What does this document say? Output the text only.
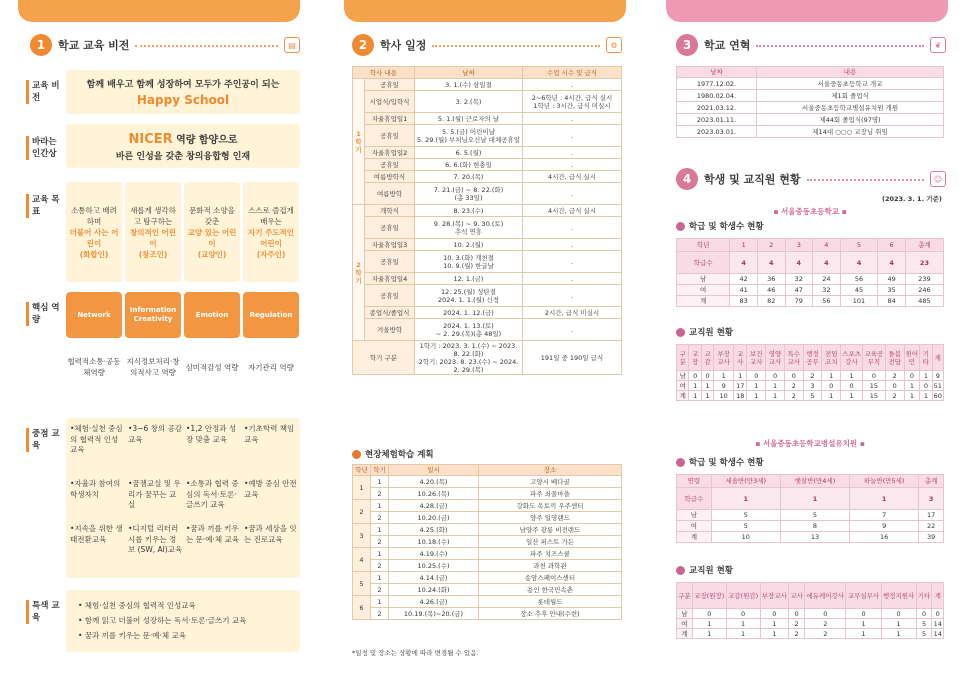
1	학교 교육 비전	▤
교육 비전
함께 배우고 함께 성장하여 모두가 주인공이 되는
Happy School
바라는 인간상
NICER 역량 함양으로
바른 인성을 갖춘 창의융합형 인재
교육 목표
핵심 역량
중점 교육
특색 교육
• 체험·실천 중심의 협력적 인성교육
• 함께 읽고 더불어 성장하는 독서·토론·글쓰기 교육
• 꿈과 끼를 키우는 문·예·체 교육
소통하고 배려하며
더불어 사는 어린이
(화합인)
새롭게 생각하고 탐구하는
창의적인 어린이
(창조인)
문화적 소양을 갖춘
교양 있는 어린이
(교양인)
스스로 즐겁게 배우는
자기 주도적인 어린이
(자주인)
Network
협력적소통·공동체역량
Information Creativity
지식정보처리·창의적사고 역량
Emotion
심미적감성 역량
Regulation
자기관리 역량
•체험·실천 중심의 협력적 인성교육
•자율과 참여의 학생자치
•지속을 위한 생태전환교육
•3~6 창의 공감 교육
•꿈젬교실 및 우리가 꿈꾸는 교실
•디지털 리터러시를 키우는 정보 (SW, AI)교육
•1,2 안정과 성장 맞춤 교육
•소통과 협력 중심의 독서·토론·글쓰기 교육
•꿈과 끼를 키우는 문·예·체 교육
•기초학력 책임교육
•예방 중심 안전교육
•꿈과 세상을 잇는 진로교육
2	학사 일정	⚙
학사 내용		날짜	수업 시수 및 급식
1 학 기	공휴일	3. 1.(수) 삼일절	.
	시업식/입학식	3. 2.(목)	2~6학년 : 4시간, 급식 실시
1학년 : 3시간, 급식 미실시
	자율휴업일1	5. 1.(월) 근로자의 날	.
	공휴일	5. 5.(금) 어린이날
5. 29.(월) 부처님오신날 대체공휴일	.
	자율휴업일2	6. 5.(월)	.
	공휴일	6. 6.(화) 현충일	.
	여름방학식	7. 20.(목)	4시간, 급식 실시
	여름방학	7. 21.(금) ~ 8. 22.(화)
(총 33일)	.
2 학 기	개학식	8. 23.(수)	4시간, 급식 실시
	공휴일	9. 28.(목) ~ 9. 30.(토)
추석 연휴	.
	자율휴업일3	10. 2.(월)	.
	공휴일	10. 3.(화) 개천절
10. 9.(월) 한글날	.
	자율휴업일4	12. 1.(금)	.
	공휴일	12. 25.(월) 성탄절
2024. 1. 1.(월) 신정	.
	종업식/졸업식	2024. 1. 12.(금)	2시간, 급식 미실시
	겨울방학	2024. 1. 13.(토)
~ 2. 29.(목)(총 48일)	.
학기 구분		1학기 : 2023. 3. 1.(수) ~ 2023. 8. 22.(화)
2학기: 2023. 8. 23.(수) ~ 2024. 2. 29.(목)	191일 중 190일 급식
현장체험학습 계획
학년	학기	일시	장소
1	1	4.20.(목)	고양시 배다골
	2	10.26.(목)	파주 쇠꼴마을
2	1	4.28.(금)	강화도 옥토끼 우주센터
	2	10.20.(금)	양주 일영랜드
3	1	4.25.(화)	남양주 광릉 비전랜드
	2	10.18.(수)	일산 퍼스트 가든
4	1	4.19.(수)	파주 치즈스쿨
	2	10.25.(수)	과천 과학관
5	1	4.14.(금)	송암스페이스센터
	2	10.24.(화)	용인 한국민속촌
6	1	4.26.(금)	롯데월드
	2	10.19.(목)~20.(금)	장소 추후 안내(수련)
*일정 및 장소는 상황에 따라 변경될 수 있음.
3	학교 연혁	❦
날짜	내용
1977.12.02.	서울중동초등학교 개교
1980.02.04.	제1회 졸업식
2021.03.12.	서울중동초등학교병설유치원 개원
2023.01.11.	제44회 졸업식(97명)
2023.03.01.	제14대 ○○○ 교장님 취임
4	학생 및 교직원 현황	☺
(2023. 3. 1. 기준)
▪ 서울중동초등학교 ▪
학급 및 학생수 현황
학년	1	2	3	4	5	6	총계
학급수	4	4	4	4	4	4	23
남	42	36	32	24	56	49	239
여	41	46	47	32	45	35	246
계	83	82	79	56	101	84	485
교직원 현황
구분	교장	교감	부장교사	교사	보건교사	영양교사	특수교사	행정공무	전임코치	스포츠강사	교육공무직	돌봄전담	원어민	기타	계
남	0	0	1	1	0	0	0	2	1	1	0	2	0	1	9
여	1	1	9	17	1	1	2	3	0	0	15	0	1	0	51
계	1	1	10	18	1	1	2	5	1	1	15	2	1	1	60
▪ 서울중동초등학교병설유치원 ▪
학급 및 학생수 현황
연령	세솔반(만3세)	햇살반(만4세)	하늘반(만5세)	총계
학급수	1	1	1	3
남	5	5	7	17
여	5	8	9	22
계	10	13	16	39
교직원 현황
구분	교장(원장)	교감(원감)	부장교사	교사	에듀케어강사	교무실무사	행정지원사	기타	계
남	0	0	0	0	0	0	0	0	0
여	1	1	1	2	2	1	1	5	14
계	1	1	1	2	2	1	1	5	14
